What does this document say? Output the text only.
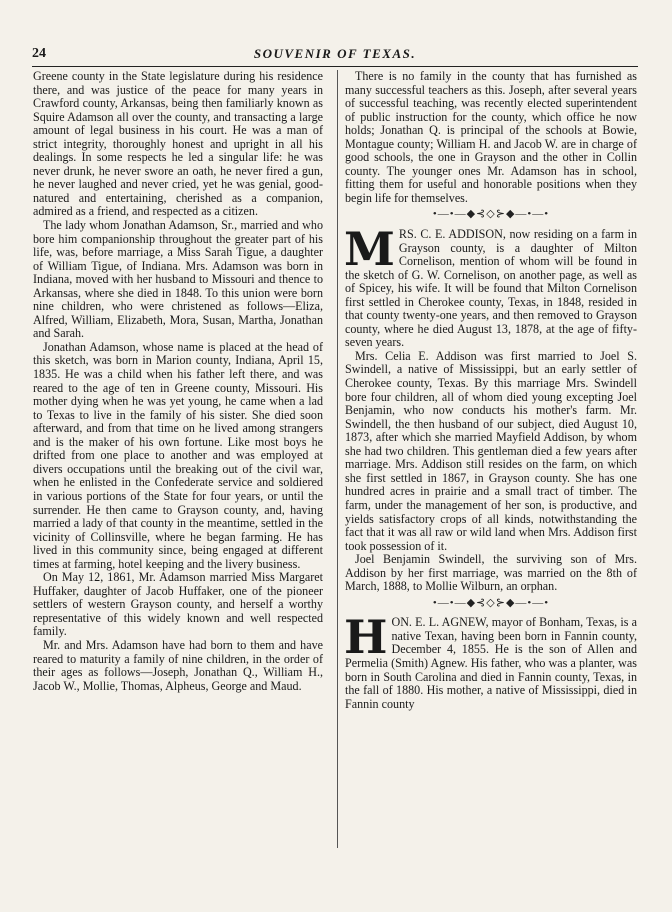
24	SOUVENIR OF TEXAS.

Greene county in the State legislature during his residence there, and was justice of the peace for many years in Crawford county, Arkansas, being then familiarly known as Squire Adamson all over the county, and transacting a large amount of legal business in his court. He was a man of strict integrity, thoroughly honest and upright in all his dealings. In some respects he led a singular life: he was never drunk, he never swore an oath, he never fired a gun, he never laughed and never cried, yet he was genial, good-natured and entertaining, cherished as a companion, admired as a friend, and respected as a citizen.

The lady whom Jonathan Adamson, Sr., married and who bore him companionship throughout the greater part of his life, was, before marriage, a Miss Sarah Tigue, a daughter of William Tigue, of Indiana. Mrs. Adamson was born in Indiana, moved with her husband to Missouri and thence to Arkansas, where she died in 1848. To this union were born nine children, who were christened as follows—Eliza, Alfred, William, Elizabeth, Mora, Susan, Martha, Jonathan and Sarah.

Jonathan Adamson, whose name is placed at the head of this sketch, was born in Marion county, Indiana, April 15, 1835. He was a child when his father left there, and was reared to the age of ten in Greene county, Missouri. His mother dying when he was yet young, he came when a lad to Texas to live in the family of his sister. She died soon afterward, and from that time on he lived among strangers and is the maker of his own fortune. Like most boys he drifted from one place to another and was employed at divers occupations until the breaking out of the civil war, when he enlisted in the Confederate service and soldiered in various portions of the State for four years, or until the surrender. He then came to Grayson county, and, having married a lady of that county in the meantime, settled in the vicinity of Collinsville, where he began farming. He has lived in this community since, being engaged at different times at farming, hotel keeping and the livery business.

On May 12, 1861, Mr. Adamson married Miss Margaret Huffaker, daughter of Jacob Huffaker, one of the pioneer settlers of western Grayson county, and herself a worthy representative of this widely known and well respected family.

Mr. and Mrs. Adamson have had born to them and have reared to maturity a family of nine children, in the order of their ages as follows—Joseph, Jonathan Q., William H., Jacob W., Mollie, Thomas, Alpheus, George and Maud.

There is no family in the county that has furnished as many successful teachers as this. Joseph, after several years of successful teaching, was recently elected superintendent of public instruction for the county, which office he now holds; Jonathan Q. is principal of the schools at Bowie, Montague county; William H. and Jacob W. are in charge of good schools, the one in Grayson and the other in Collin county. The younger ones Mr. Adamson has in school, fitting them for useful and honorable positions when they begin life for themselves.

•—•—◆⊰◇⊱◆—•—•

MRS. C. E. ADDISON, now residing on a farm in Grayson county, is a daughter of Milton Cornelison, mention of whom will be found in the sketch of G. W. Cornelison, on another page, as well as of Spicey, his wife. It will be found that Milton Cornelison first settled in Cherokee county, Texas, in 1848, resided in that county twenty-one years, and then removed to Grayson county, where he died August 13, 1878, at the age of fifty-seven years.

Mrs. Celia E. Addison was first married to Joel S. Swindell, a native of Mississippi, but an early settler of Cherokee county, Texas. By this marriage Mrs. Swindell bore four children, all of whom died young excepting Joel Benjamin, who now conducts his mother's farm. Mr. Swindell, the then husband of our subject, died August 10, 1873, after which she married Mayfield Addison, by whom she had two children. This gentleman died a few years after marriage. Mrs. Addison still resides on the farm, on which she first settled in 1867, in Grayson county. She has one hundred acres in prairie and a small tract of timber. The farm, under the management of her son, is productive, and yields satisfactory crops of all kinds, notwithstanding the fact that it was all raw or wild land when Mrs. Addison first took possession of it.

Joel Benjamin Swindell, the surviving son of Mrs. Addison by her first marriage, was married on the 8th of March, 1888, to Mollie Wilburn, an orphan.

•—•—◆⊰◇⊱◆—•—•

HON. E. L. AGNEW, mayor of Bonham, Texas, is a native Texan, having been born in Fannin county, December 4, 1855. He is the son of Allen and Permelia (Smith) Agnew. His father, who was a planter, was born in South Carolina and died in Fannin county, Texas, in the fall of 1880. His mother, a native of Mississippi, died in Fannin county
